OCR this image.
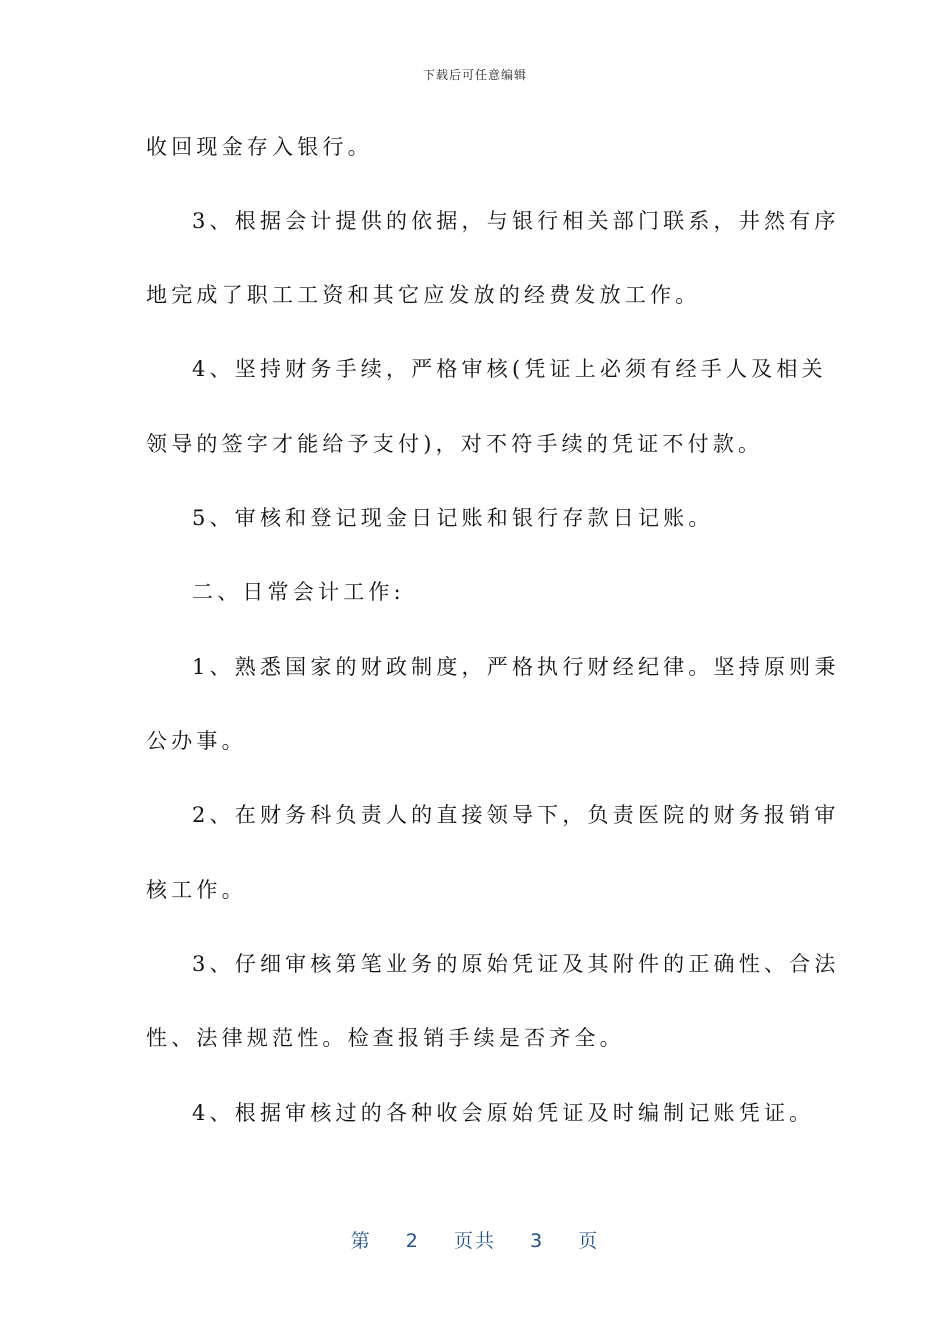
下载后可任意编辑
收回现金存入银行。
3、根据会计提供的依据，与银行相关部门联系，井然有序
地完成了职工工资和其它应发放的经费发放工作。
4、坚持财务手续，严格审核(凭证上必须有经手人及相关
领导的签字才能给予支付)，对不符手续的凭证不付款。
5、审核和登记现金日记账和银行存款日记账。
二、日常会计工作:
1、熟悉国家的财政制度，严格执行财经纪律。坚持原则秉
公办事。
2、在财务科负责人的直接领导下，负责医院的财务报销审
核工作。
3、仔细审核第笔业务的原始凭证及其附件的正确性、合法
性、法律规范性。检查报销手续是否齐全。
4、根据审核过的各种收会原始凭证及时编制记账凭证。
第 2 页共 3 页
